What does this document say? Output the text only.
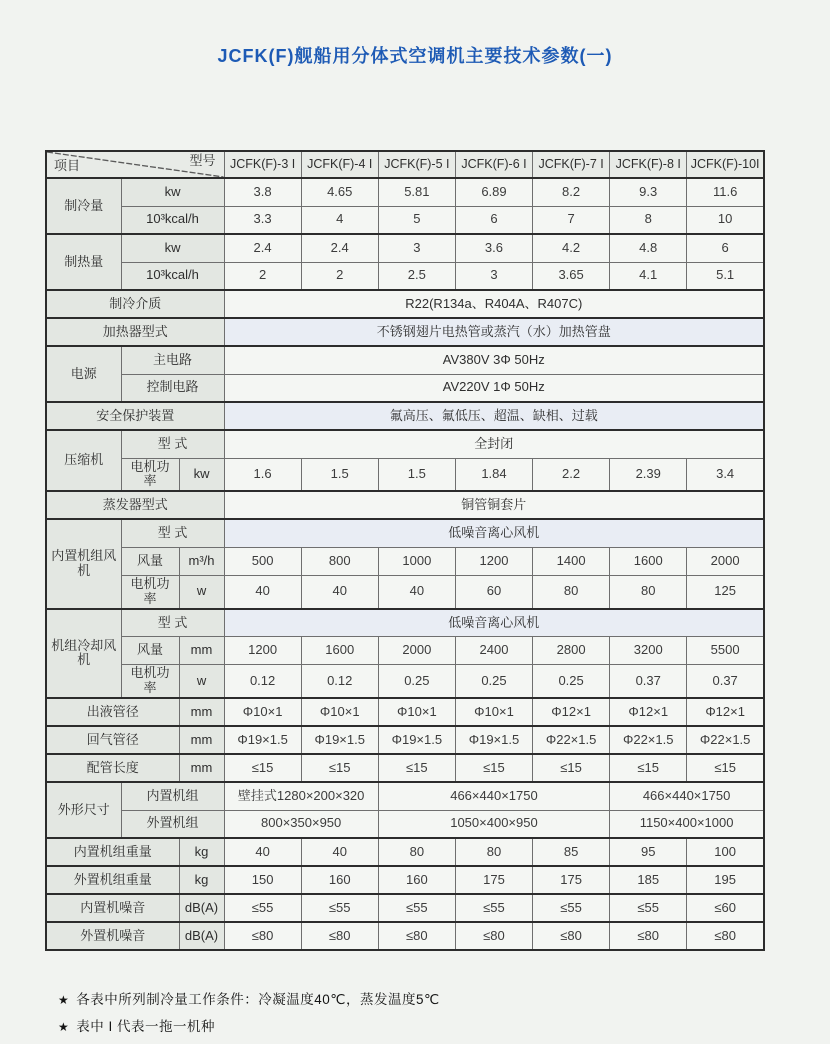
JCFK(F)舰船用分体式空调机主要技术参数(一)
项目 型号			JCFK(F)-3 I	JCFK(F)-4 I	JCFK(F)-5 I	JCFK(F)-6 I	JCFK(F)-7 I	JCFK(F)-8 I	JCFK(F)-10I
制冷量	kw		3.8	4.65	5.81	6.89	8.2	9.3	11.6
	10³kcal/h		3.3	4	5	6	7	8	10
制热量	kw		2.4	2.4	3	3.6	4.2	4.8	6
	10³kcal/h		2	2	2.5	3	3.65	4.1	5.1
制冷介质			R22(R134a、R404A、R407C)						
加热器型式			不锈钢翅片电热管或蒸汽（水）加热管盘						
电源	主电路		AV380V 3Φ 50Hz						
	控制电路		AV220V 1Φ 50Hz						
安全保护装置			氟高压、氟低压、超温、缺相、过载						
压缩机	型 式		全封闭						
	电机功率	kw	1.6	1.5	1.5	1.84	2.2	2.39	3.4
蒸发器型式			铜管铜套片						
内置机组风机	型 式		低噪音离心风机						
	风量	m³/h	500	800	1000	1200	1400	1600	2000
	电机功率	w	40	40	40	60	80	80	125
机组冷却风机	型 式		低噪音离心风机						
	风量	mm	1200	1600	2000	2400	2800	3200	5500
	电机功率	w	0.12	0.12	0.25	0.25	0.25	0.37	0.37
出液管径		mm	Φ10×1	Φ10×1	Φ10×1	Φ10×1	Φ12×1	Φ12×1	Φ12×1
回气管径		mm	Φ19×1.5	Φ19×1.5	Φ19×1.5	Φ19×1.5	Φ22×1.5	Φ22×1.5	Φ22×1.5
配管长度		mm	≤15	≤15	≤15	≤15	≤15	≤15	≤15
外形尺寸	内置机组		壁挂式1280×200×320		466×440×1750			466×440×1750	
	外置机组		800×350×950		1050×400×950			1150×400×1000	
内置机组重量		kg	40	40	80	80	85	95	100
外置机组重量		kg	150	160	160	175	175	185	195
内置机噪音		dB(A)	≤55	≤55	≤55	≤55	≤55	≤55	≤60
外置机噪音		dB(A)	≤80	≤80	≤80	≤80	≤80	≤80	≤80
★ 各表中所列制冷量工作条件：冷凝温度40℃，蒸发温度5℃
★ 表中 I 代表一拖一机种
